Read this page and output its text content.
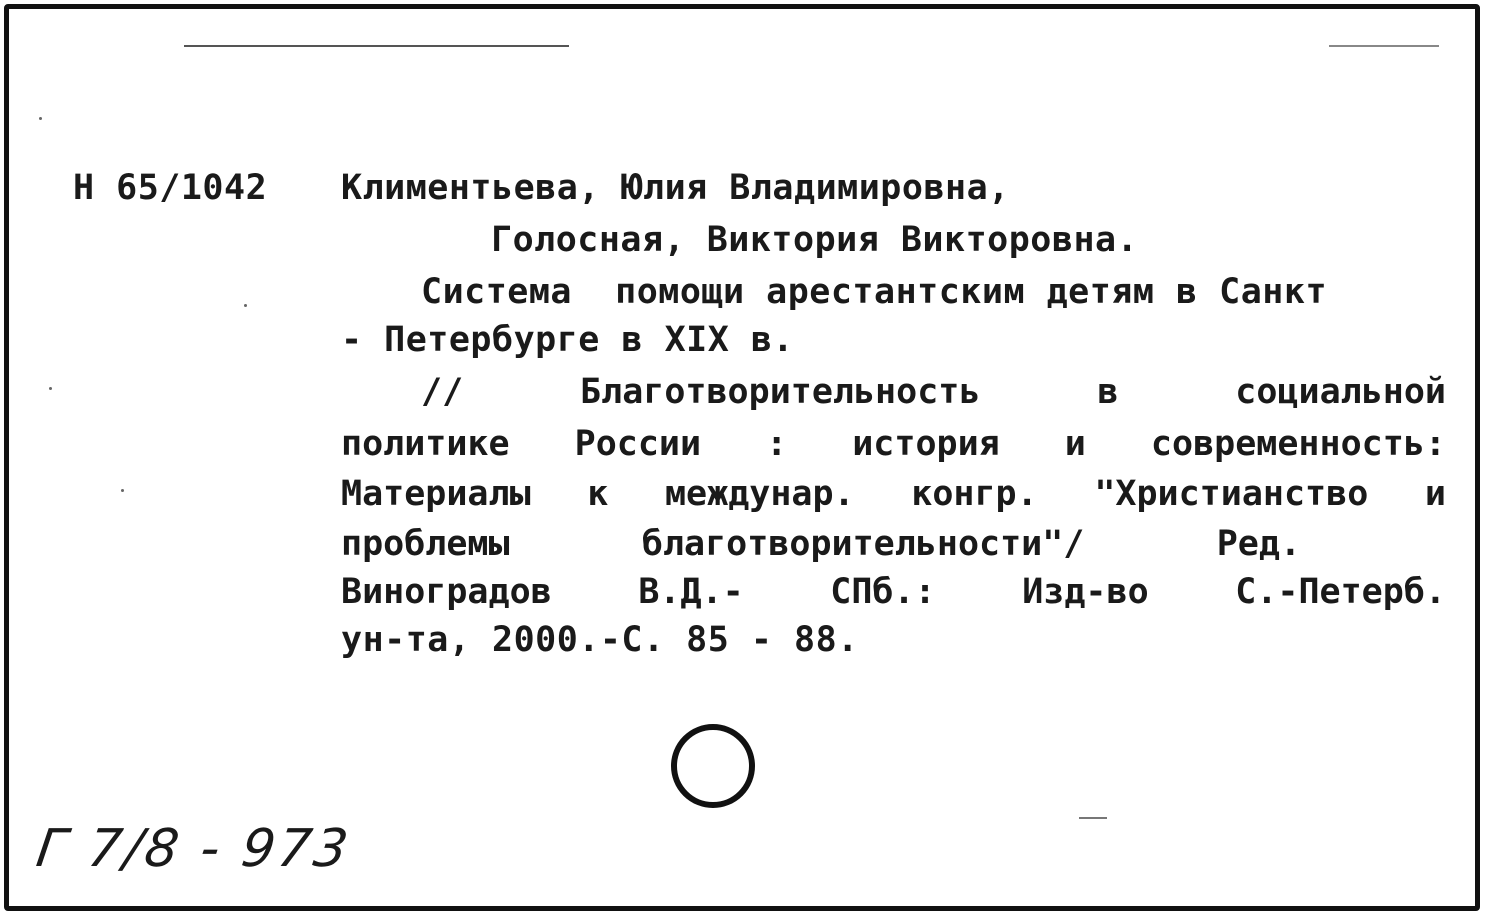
Н 65/1042 Климентьева, Юлия Владимировна,
Голосная, Виктория Викторовна.
Система  помощи арестантским детям в Санкт
- Петербурге в XIX в.
//	Благотворительность	в	социальной
политике России : история и современность:
Материалы к междунар. конгр. "Христианство и
проблемы	благотворительности"/	Ред.
Виноградов В.Д.- СПб.: Изд-во С.-Петерб.
ун-та, 2000.-С. 85 - 88.
Г 7/8 - 973
